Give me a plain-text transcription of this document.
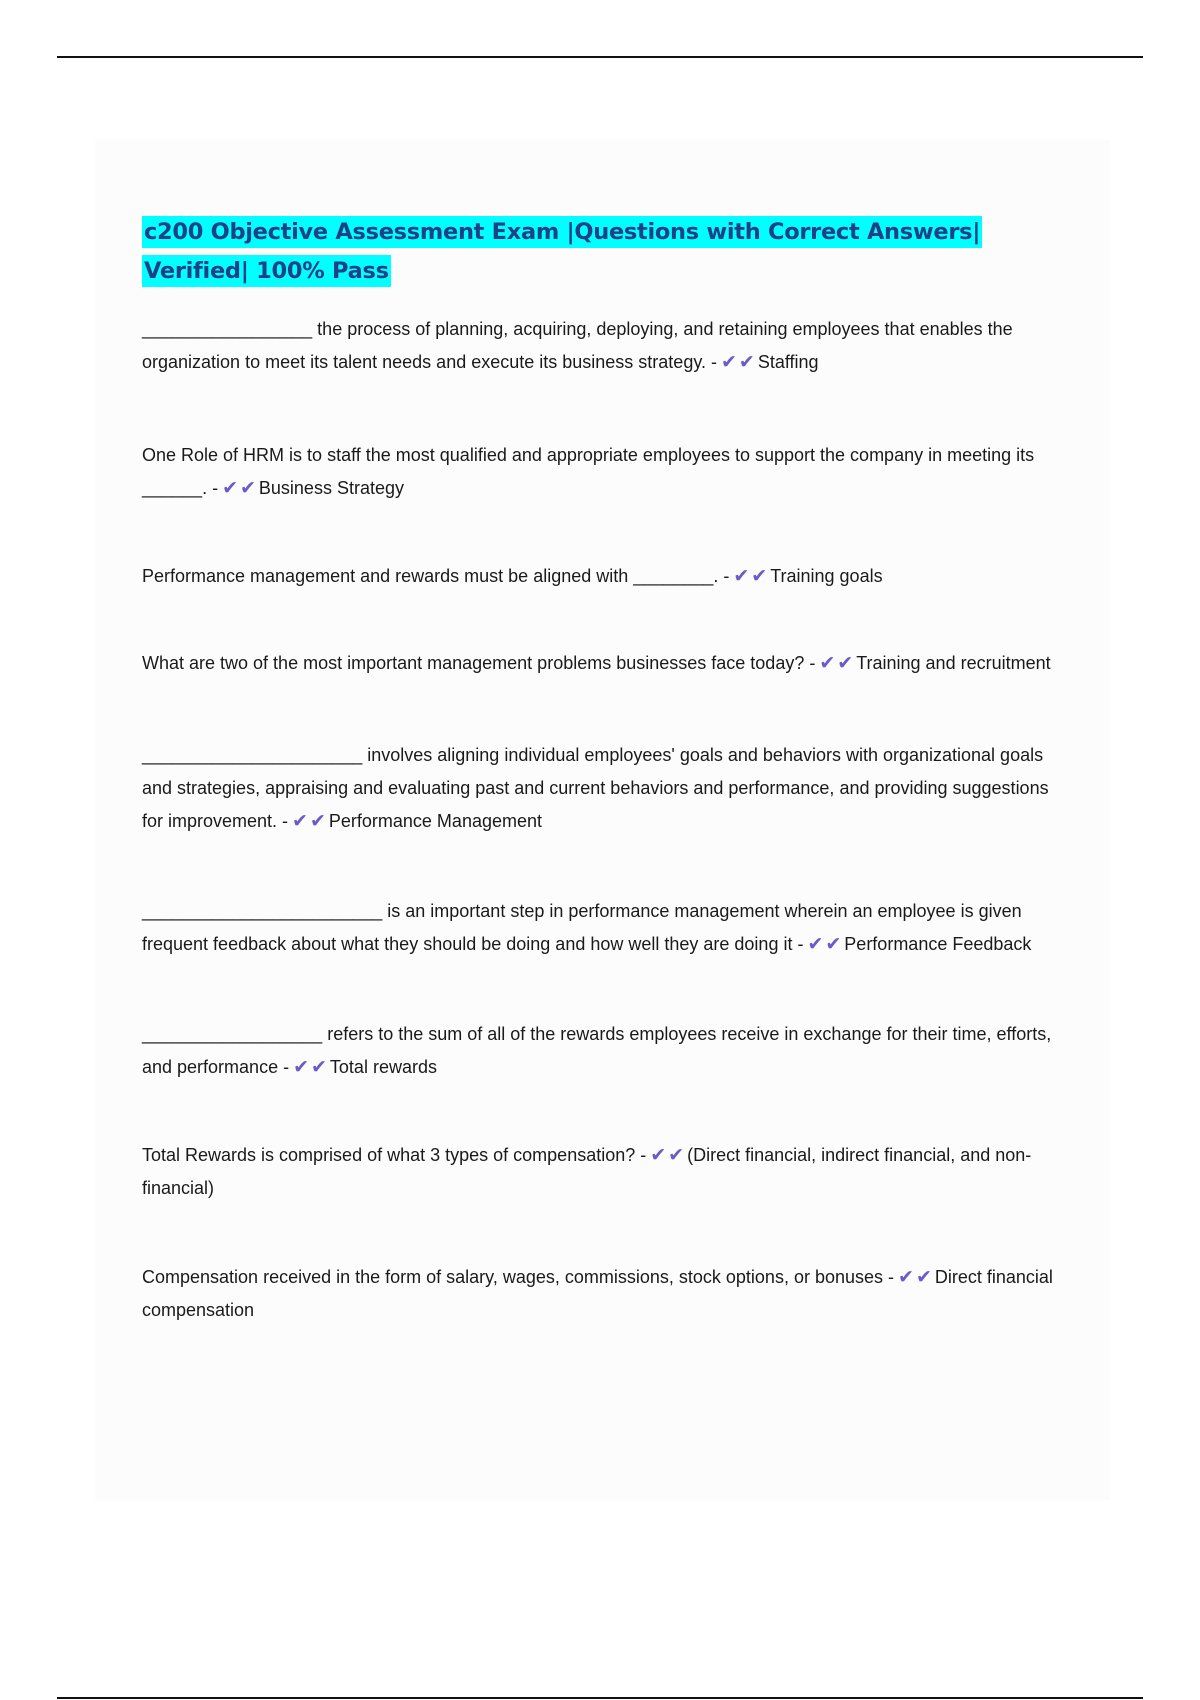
c200 Objective Assessment Exam |Questions with Correct Answers| Verified| 100% Pass

_________________ the process of planning, acquiring, deploying, and retaining employees that enables the organization to meet its talent needs and execute its business strategy. - ✔ ✔ Staffing

One Role of HRM is to staff the most qualified and appropriate employees to support the company in meeting its ______. - ✔ ✔ Business Strategy

Performance management and rewards must be aligned with ________. - ✔ ✔ Training goals

What are two of the most important management problems businesses face today? - ✔ ✔ Training and recruitment

______________________ involves aligning individual employees' goals and behaviors with organizational goals and strategies, appraising and evaluating past and current behaviors and performance, and providing suggestions for improvement. - ✔ ✔ Performance Management

________________________ is an important step in performance management wherein an employee is given frequent feedback about what they should be doing and how well they are doing it - ✔ ✔ Performance Feedback

__________________ refers to the sum of all of the rewards employees receive in exchange for their time, efforts, and performance - ✔ ✔ Total rewards

Total Rewards is comprised of what 3 types of compensation? - ✔ ✔ (Direct financial, indirect financial, and non-financial)

Compensation received in the form of salary, wages, commissions, stock options, or bonuses - ✔ ✔ Direct financial compensation
